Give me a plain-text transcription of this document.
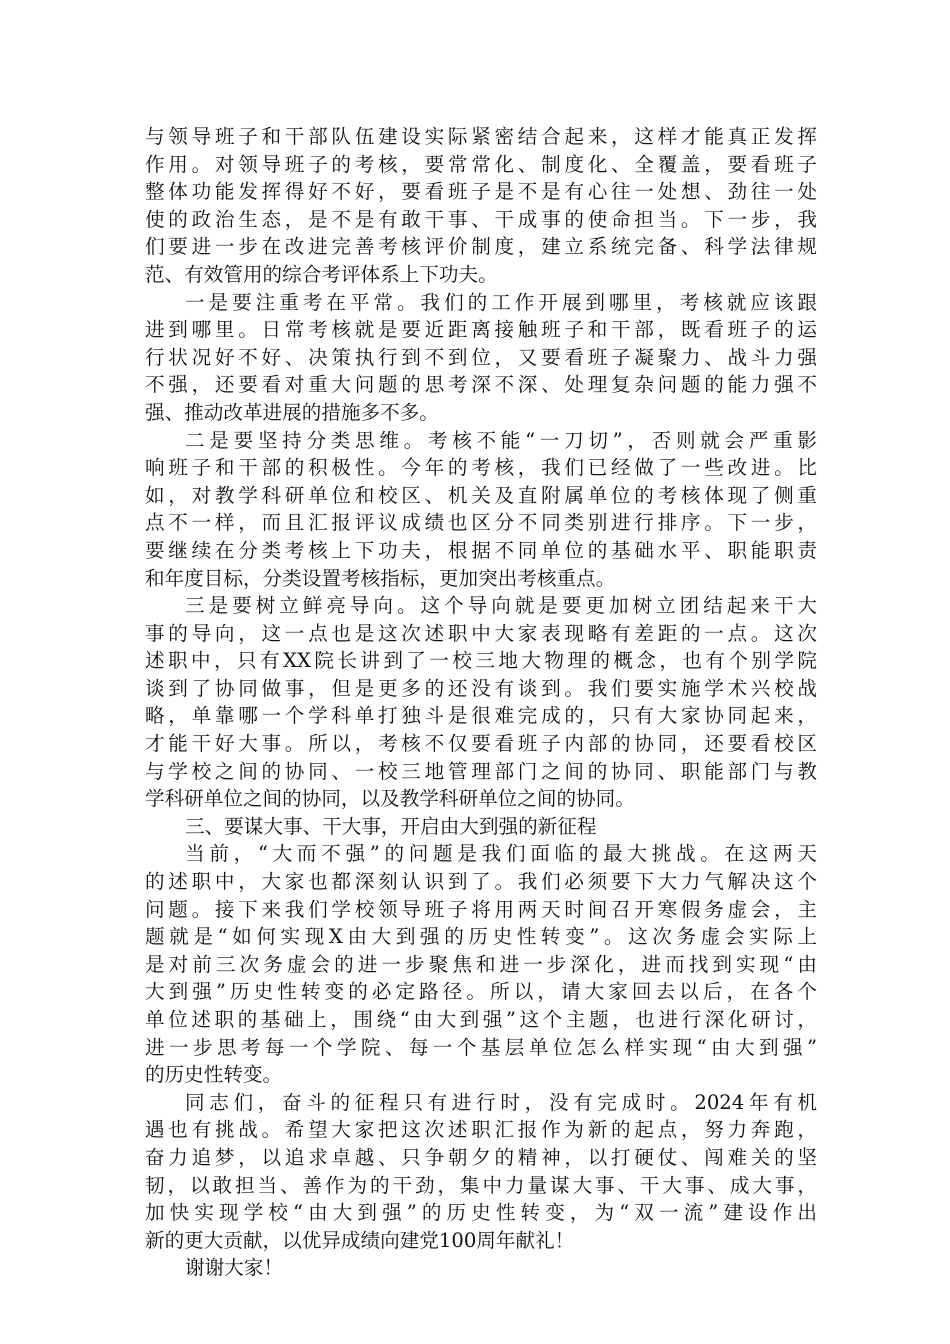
与领导班子和干部队伍建设实际紧密结合起来，这样才能真正发挥
作用。对领导班子的考核，要常常化、制度化、全覆盖，要看班子
整体功能发挥得好不好，要看班子是不是有心往一处想、劲往一处
使的政治生态，是不是有敢干事、干成事的使命担当。下一步，我
们要进一步在改进完善考核评价制度，建立系统完备、科学法律规
范、有效管用的综合考评体系上下功夫。
一是要注重考在平常。我们的工作开展到哪里，考核就应该跟
进到哪里。日常考核就是要近距离接触班子和干部，既看班子的运
行状况好不好、决策执行到不到位，又要看班子凝聚力、战斗力强
不强，还要看对重大问题的思考深不深、处理复杂问题的能力强不
强、推动改革进展的措施多不多。
二是要坚持分类思维。考核不能“一刀切”，否则就会严重影
响班子和干部的积极性。今年的考核，我们已经做了一些改进。比
如，对教学科研单位和校区、机关及直附属单位的考核体现了侧重
点不一样，而且汇报评议成绩也区分不同类别进行排序。下一步，
要继续在分类考核上下功夫，根据不同单位的基础水平、职能职责
和年度目标，分类设置考核指标，更加突出考核重点。
三是要树立鲜亮导向。这个导向就是要更加树立团结起来干大
事的导向，这一点也是这次述职中大家表现略有差距的一点。这次
述职中，只有XX院长讲到了一校三地大物理的概念，也有个别学院
谈到了协同做事，但是更多的还没有谈到。我们要实施学术兴校战
略，单靠哪一个学科单打独斗是很难完成的，只有大家协同起来，
才能干好大事。所以，考核不仅要看班子内部的协同，还要看校区
与学校之间的协同、一校三地管理部门之间的协同、职能部门与教
学科研单位之间的协同，以及教学科研单位之间的协同。
三、要谋大事、干大事，开启由大到强的新征程
当前，“大而不强”的问题是我们面临的最大挑战。在这两天
的述职中，大家也都深刻认识到了。我们必须要下大力气解决这个
问题。接下来我们学校领导班子将用两天时间召开寒假务虚会，主
题就是“如何实现X由大到强的历史性转变”。这次务虚会实际上
是对前三次务虚会的进一步聚焦和进一步深化，进而找到实现“由
大到强”历史性转变的必定路径。所以，请大家回去以后，在各个
单位述职的基础上，围绕“由大到强”这个主题，也进行深化研讨，
进一步思考每一个学院、每一个基层单位怎么样实现“由大到强”
的历史性转变。
同志们，奋斗的征程只有进行时，没有完成时。2024年有机
遇也有挑战。希望大家把这次述职汇报作为新的起点，努力奔跑，
奋力追梦，以追求卓越、只争朝夕的精神，以打硬仗、闯难关的坚
韧，以敢担当、善作为的干劲，集中力量谋大事、干大事、成大事，
加快实现学校“由大到强”的历史性转变，为“双一流”建设作出
新的更大贡献，以优异成绩向建党100周年献礼！
谢谢大家！
